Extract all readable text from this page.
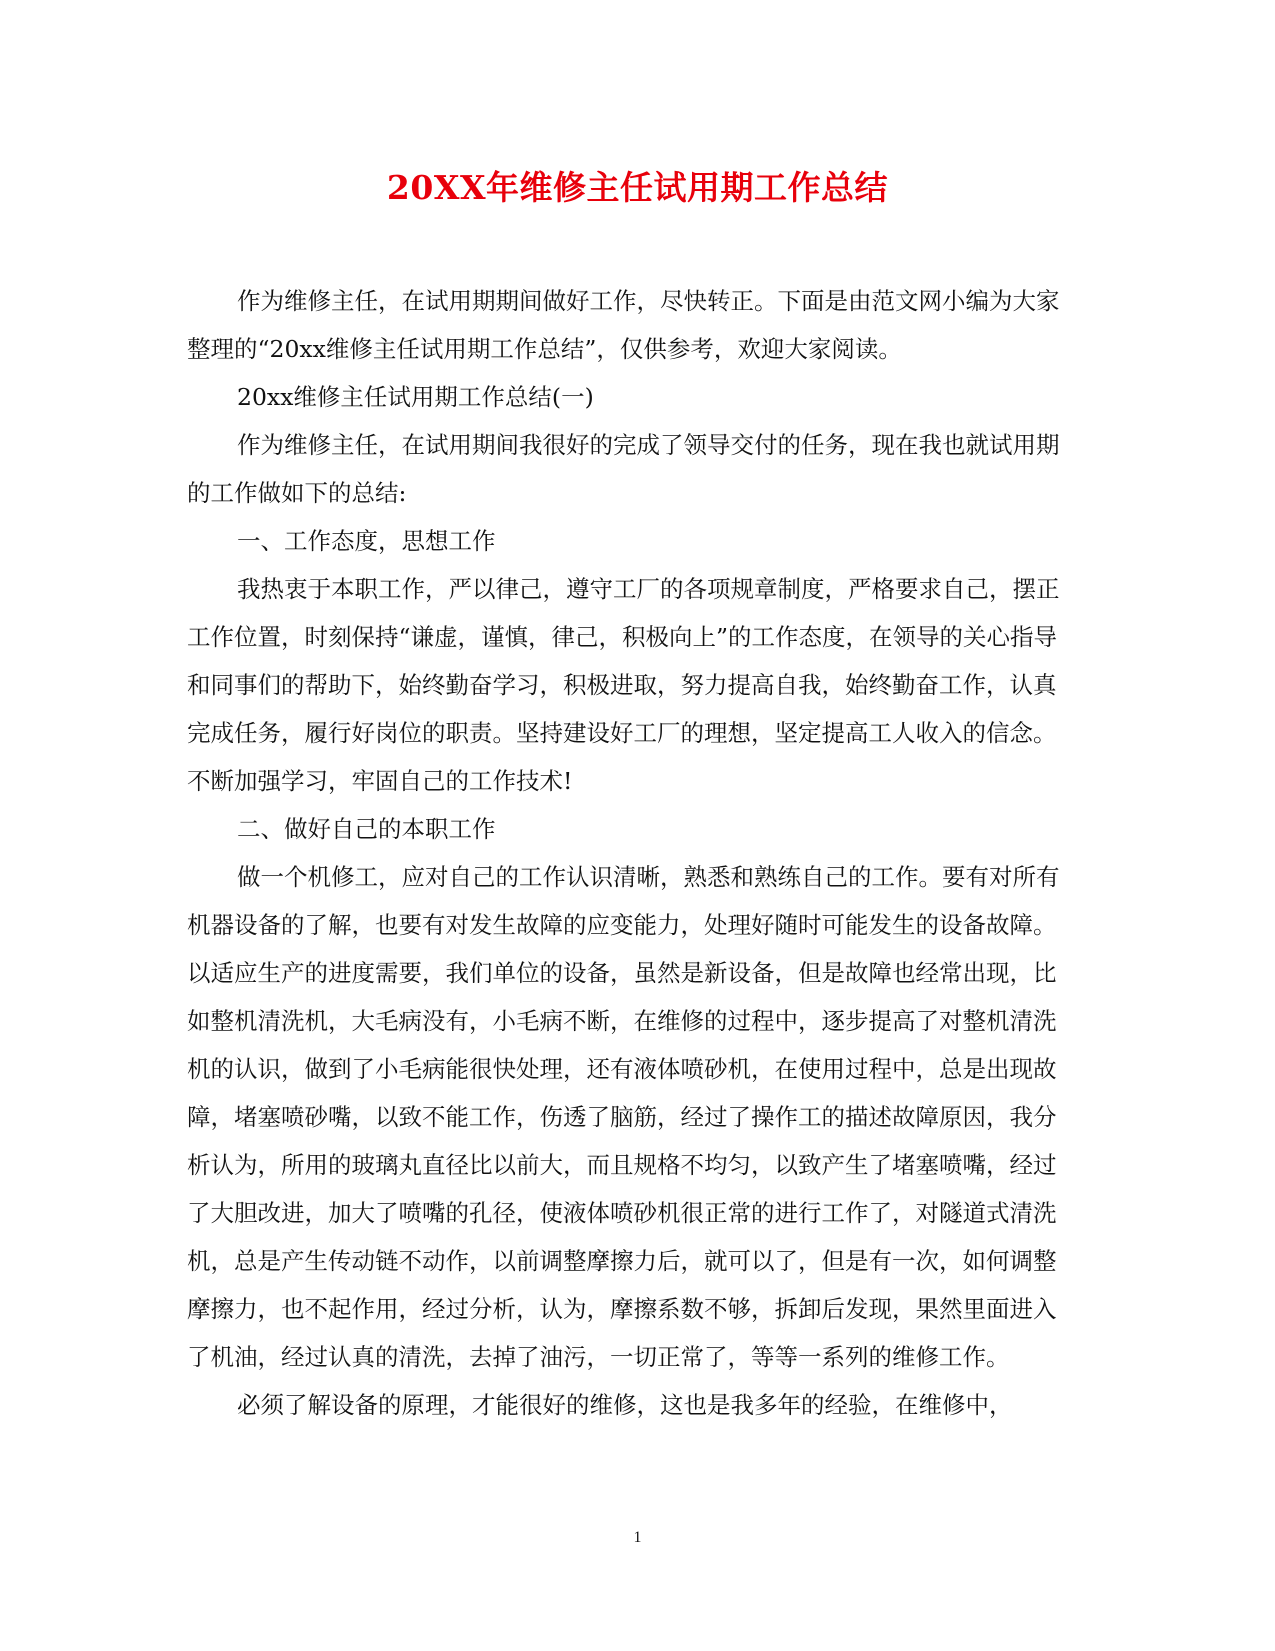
20XX年维修主任试用期工作总结

作为维修主任，在试用期期间做好工作，尽快转正。下面是由范文网小编为大家整理的“20xx维修主任试用期工作总结”，仅供参考，欢迎大家阅读。

20xx维修主任试用期工作总结(一)

作为维修主任，在试用期间我很好的完成了领导交付的任务，现在我也就试用期的工作做如下的总结:

一、工作态度，思想工作

我热衷于本职工作，严以律己，遵守工厂的各项规章制度，严格要求自己，摆正工作位置，时刻保持“谦虚，谨慎，律己，积极向上”的工作态度，在领导的关心指导和同事们的帮助下，始终勤奋学习，积极进取，努力提高自我，始终勤奋工作，认真完成任务，履行好岗位的职责。坚持建设好工厂的理想，坚定提高工人收入的信念。不断加强学习，牢固自己的工作技术!

二、做好自己的本职工作

做一个机修工，应对自己的工作认识清晰，熟悉和熟练自己的工作。要有对所有机器设备的了解，也要有对发生故障的应变能力，处理好随时可能发生的设备故障。以适应生产的进度需要，我们单位的设备，虽然是新设备，但是故障也经常出现，比如整机清洗机，大毛病没有，小毛病不断，在维修的过程中，逐步提高了对整机清洗机的认识，做到了小毛病能很快处理，还有液体喷砂机，在使用过程中，总是出现故障，堵塞喷砂嘴，以致不能工作，伤透了脑筋，经过了操作工的描述故障原因，我分析认为，所用的玻璃丸直径比以前大，而且规格不均匀，以致产生了堵塞喷嘴，经过了大胆改进，加大了喷嘴的孔径，使液体喷砂机很正常的进行工作了，对隧道式清洗机，总是产生传动链不动作，以前调整摩擦力后，就可以了，但是有一次，如何调整摩擦力，也不起作用，经过分析，认为，摩擦系数不够，拆卸后发现，果然里面进入了机油，经过认真的清洗，去掉了油污，一切正常了，等等一系列的维修工作。

必须了解设备的原理，才能很好的维修，这也是我多年的经验，在维修中，

1
